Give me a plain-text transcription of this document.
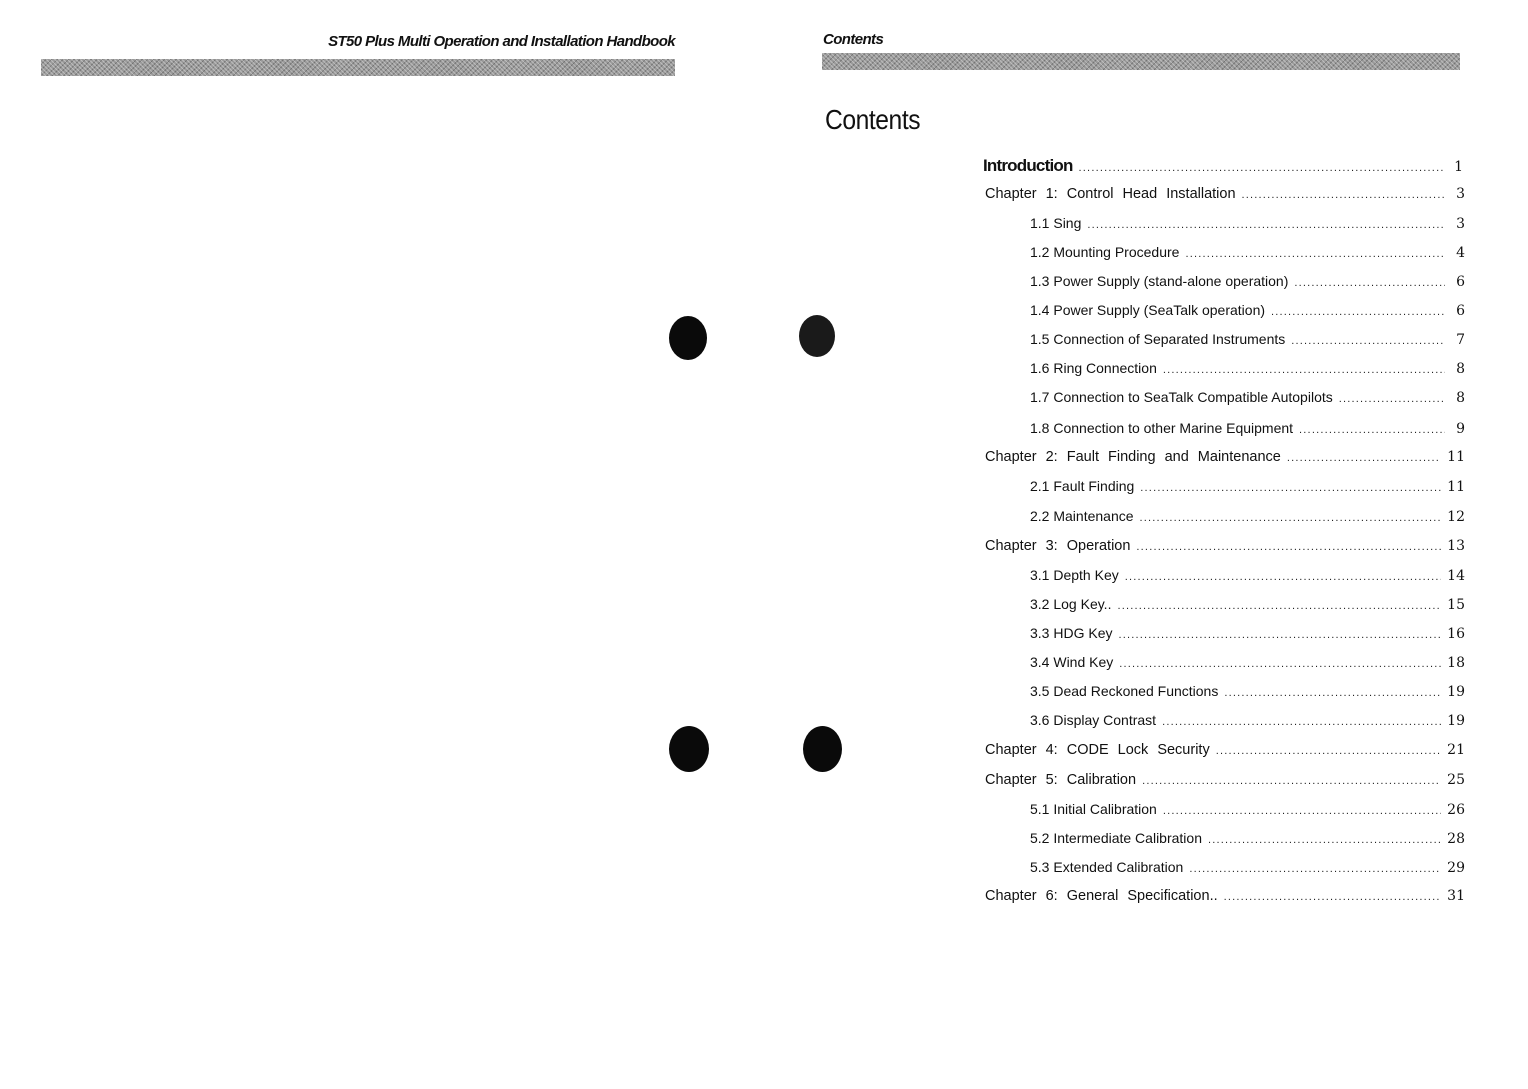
ST50 Plus Multi Operation and Installation Handbook	Contents
Contents
Introduction .....	1
Chapter 1: Control Head Installation .....	3
1.1 Sing .....	3
1.2 Mounting Procedure .....	4
1.3 Power Supply (stand-alone operation) .....	6
1.4 Power Supply (SeaTalk operation) .....	6
1.5 Connection of Separated Instruments .....	7
1.6 Ring Connection .....	8
1.7 Connection to SeaTalk Compatible Autopilots .....	8
1.8 Connection to other Marine Equipment .....	9
Chapter 2: Fault Finding and Maintenance .....	11
2.1 Fault Finding .....	11
2.2 Maintenance .....	12
Chapter 3: Operation .....	13
3.1 Depth Key .....	14
3.2 Log Key.. .....	15
3.3 HDG Key .....	16
3.4 Wind Key .....	18
3.5 Dead Reckoned Functions .....	19
3.6 Display Contrast .....	19
Chapter 4: CODE Lock Security .....	21
Chapter 5: Calibration .....	25
5.1 Initial Calibration .....	26
5.2 Intermediate Calibration .....	28
5.3 Extended Calibration .....	29
Chapter 6: General Specification.. .....	31
